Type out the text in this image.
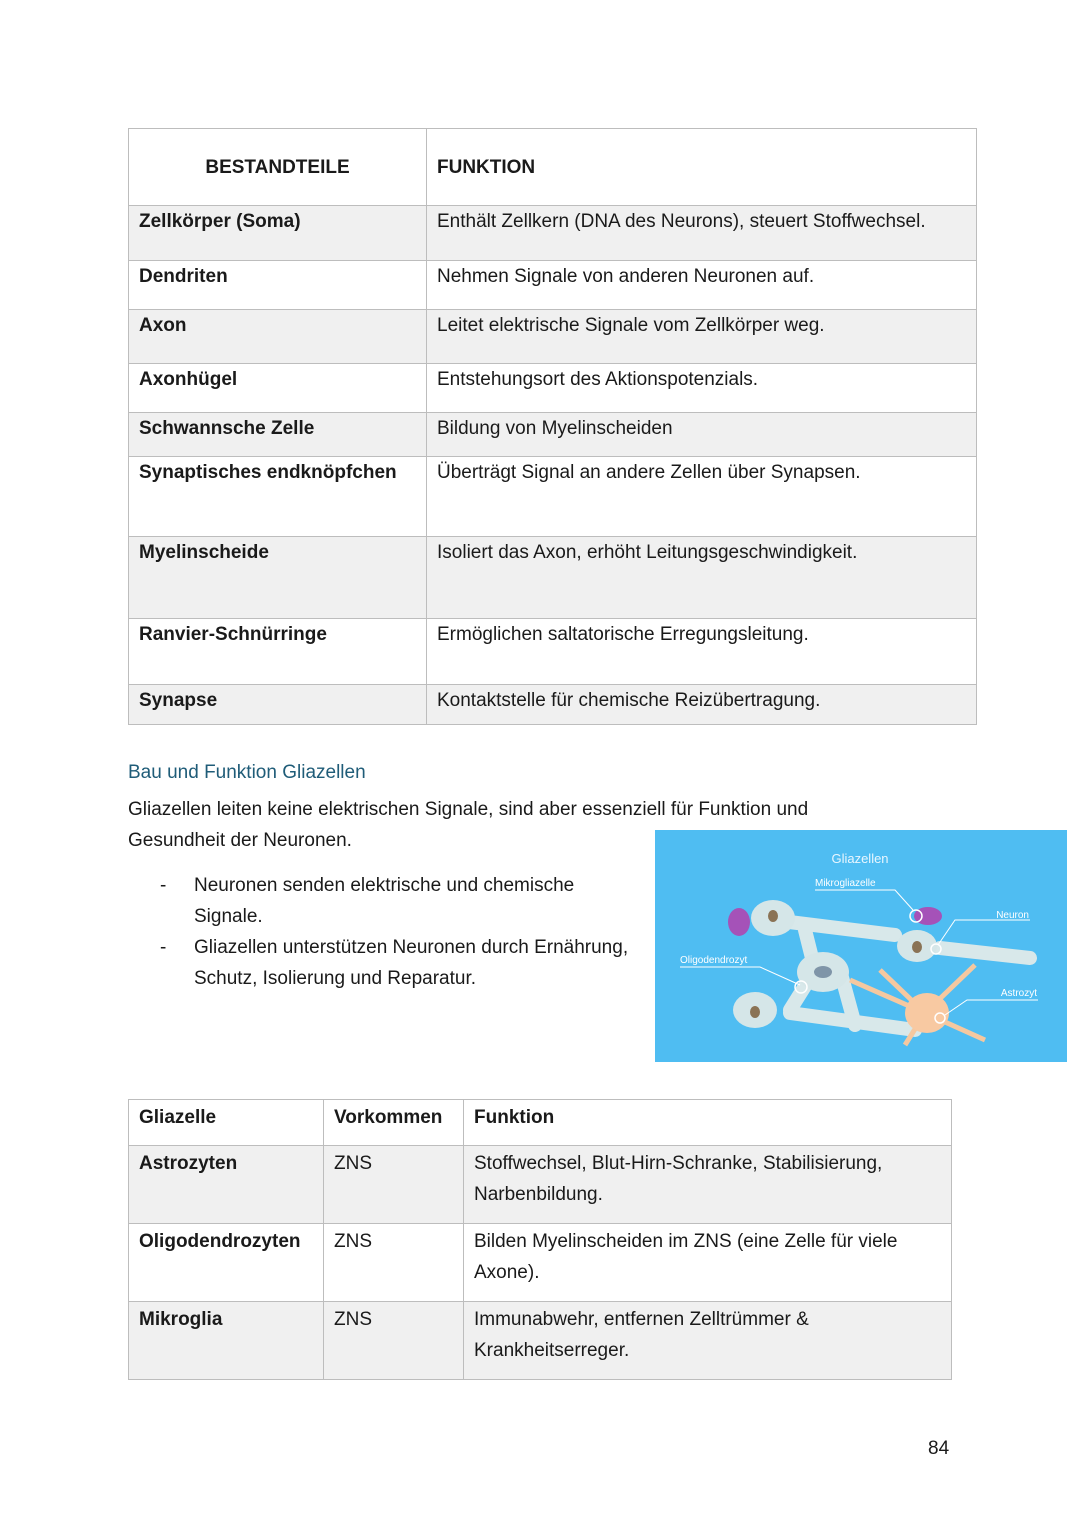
BESTANDTEILE	FUNKTION
Zellkörper (Soma)	Enthält Zellkern (DNA des Neurons), steuert Stoffwechsel.
Dendriten	Nehmen Signale von anderen Neuronen auf.
Axon	Leitet elektrische Signale vom Zellkörper weg.
Axonhügel	Entstehungsort des Aktionspotenzials.
Schwannsche Zelle	Bildung von Myelinscheiden
Synaptisches endknöpfchen	Überträgt Signal an andere Zellen über Synapsen.
Myelinscheide	Isoliert das Axon, erhöht Leitungsgeschwindigkeit.
Ranvier-Schnürringe	Ermöglichen saltatorische Erregungsleitung.
Synapse	Kontaktstelle für chemische Reizübertragung.
Bau und Funktion Gliazellen
Gliazellen leiten keine elektrischen Signale, sind aber essenziell für Funktion und Gesundheit der Neuronen.
- Neuronen senden elektrische und chemische Signale.
- Gliazellen unterstützen Neuronen durch Ernährung, Schutz, Isolierung und Reparatur.
Gliazellen
Mikrogliazelle
Neuron
Oligodendrozyt
Astrozyt
Gliazelle	Vorkommen	Funktion
Astrozyten	ZNS	Stoffwechsel, Blut-Hirn-Schranke, Stabilisierung, Narbenbildung.
Oligodendrozyten	ZNS	Bilden Myelinscheiden im ZNS (eine Zelle für viele Axone).
Mikroglia	ZNS	Immunabwehr, entfernen Zelltrümmer & Krankheitserreger.
84
